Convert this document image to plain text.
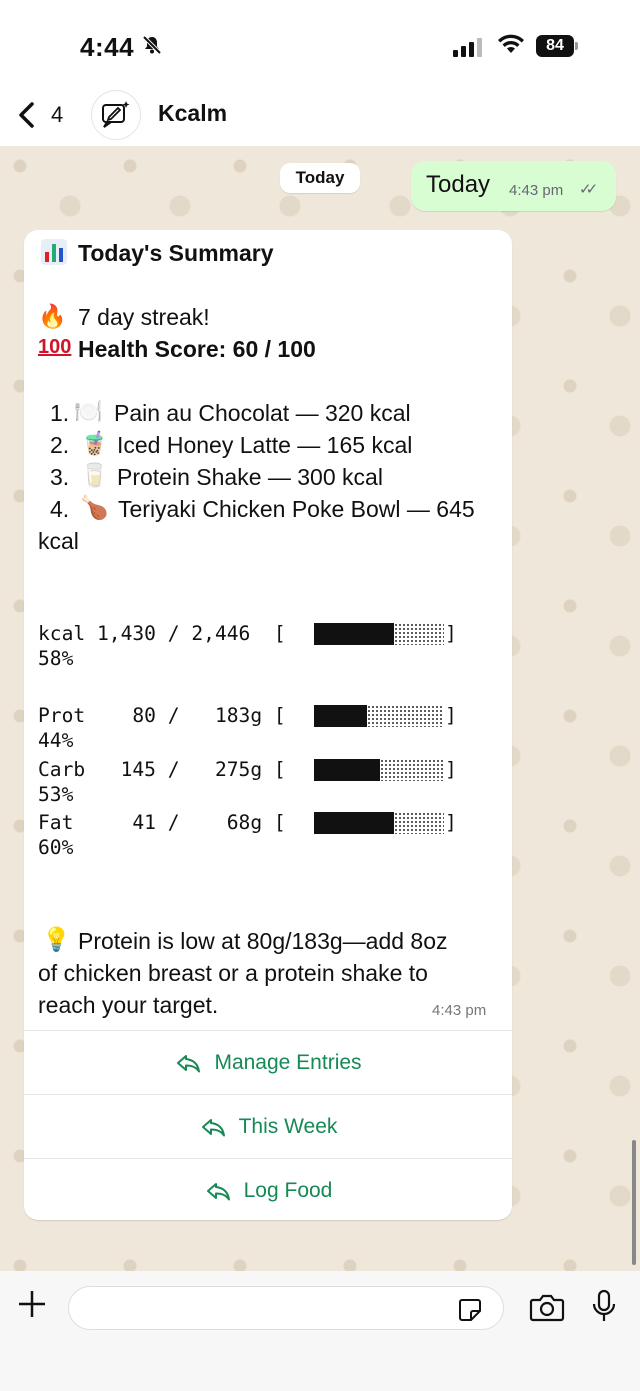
4:44	84
4	Kcalm
Today	Today 4:43 pm ✓✓
Today's Summary
🔥 7 day streak!
100 Health Score: 60 / 100
1. 🍽️ Pain au Chocolat — 320 kcal
2. 🧋 Iced Honey Latte — 165 kcal
3. 🥛 Protein Shake — 300 kcal
4. 🍗 Teriyaki Chicken Poke Bowl — 645
kcal
kcal 1,430 / 2,446  [	]
58%
Prot    80 /   183g [	]
44%
Carb   145 /   275g [	]
53%
Fat     41 /    68g [	]
60%
💡 Protein is low at 80g/183g—add 8oz
of chicken breast or a protein shake to
reach your target.	4:43 pm
Manage Entries
This Week
Log Food
